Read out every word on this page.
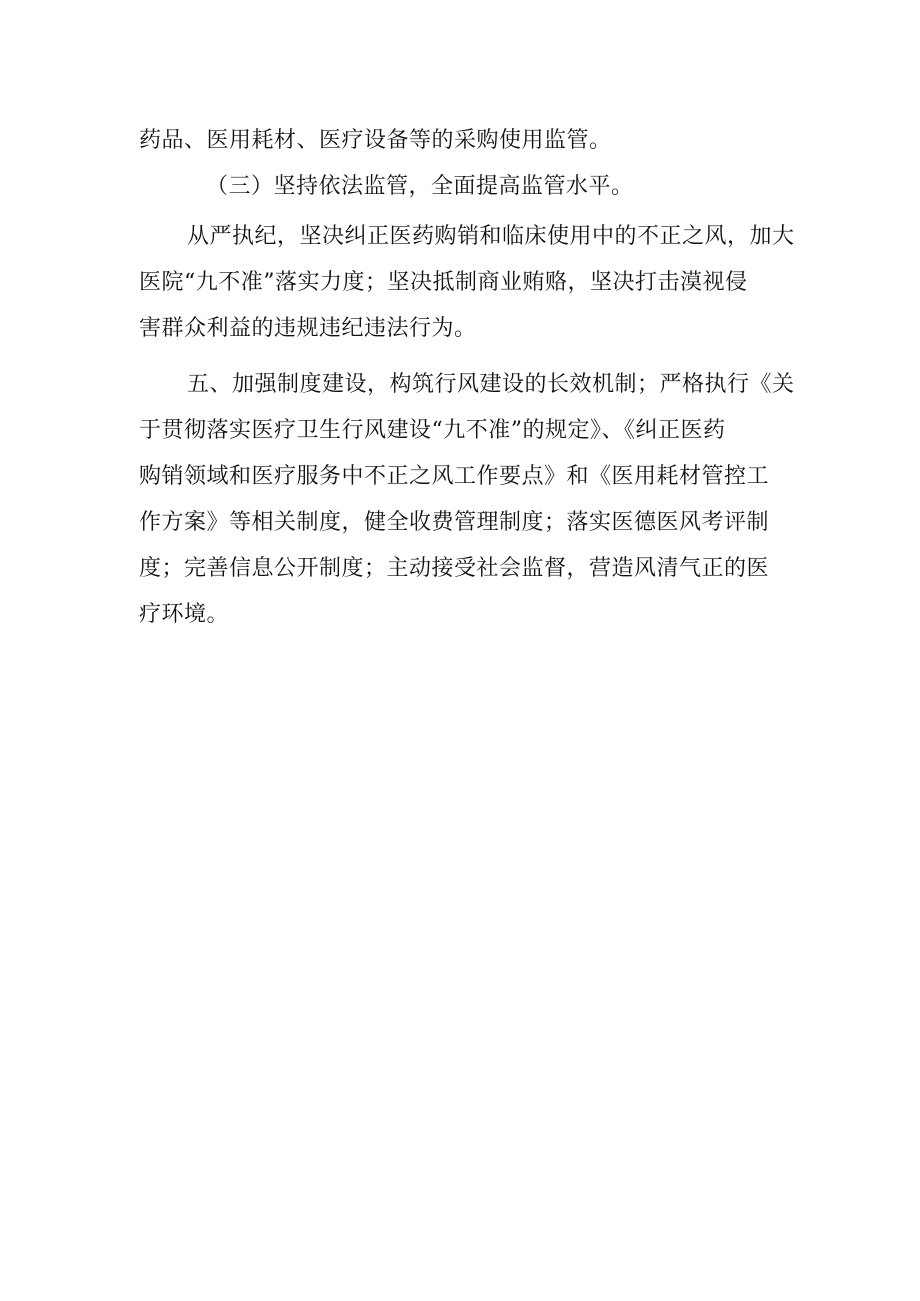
药品、医用耗材、医疗设备等的采购使用监管。

（三）坚持依法监管，全面提高监管水平。

从严执纪，坚决纠正医药购销和临床使用中的不正之风，加大
医院“九不准”落实力度；坚决抵制商业贿赂，坚决打击漠视侵
害群众利益的违规违纪违法行为。

五、加强制度建设，构筑行风建设的长效机制；严格执行《关
于贯彻落实医疗卫生行风建设“九不准”的规定》、《纠正医药
购销领域和医疗服务中不正之风工作要点》和《医用耗材管控工
作方案》等相关制度，健全收费管理制度；落实医德医风考评制
度；完善信息公开制度；主动接受社会监督，营造风清气正的医
疗环境。
